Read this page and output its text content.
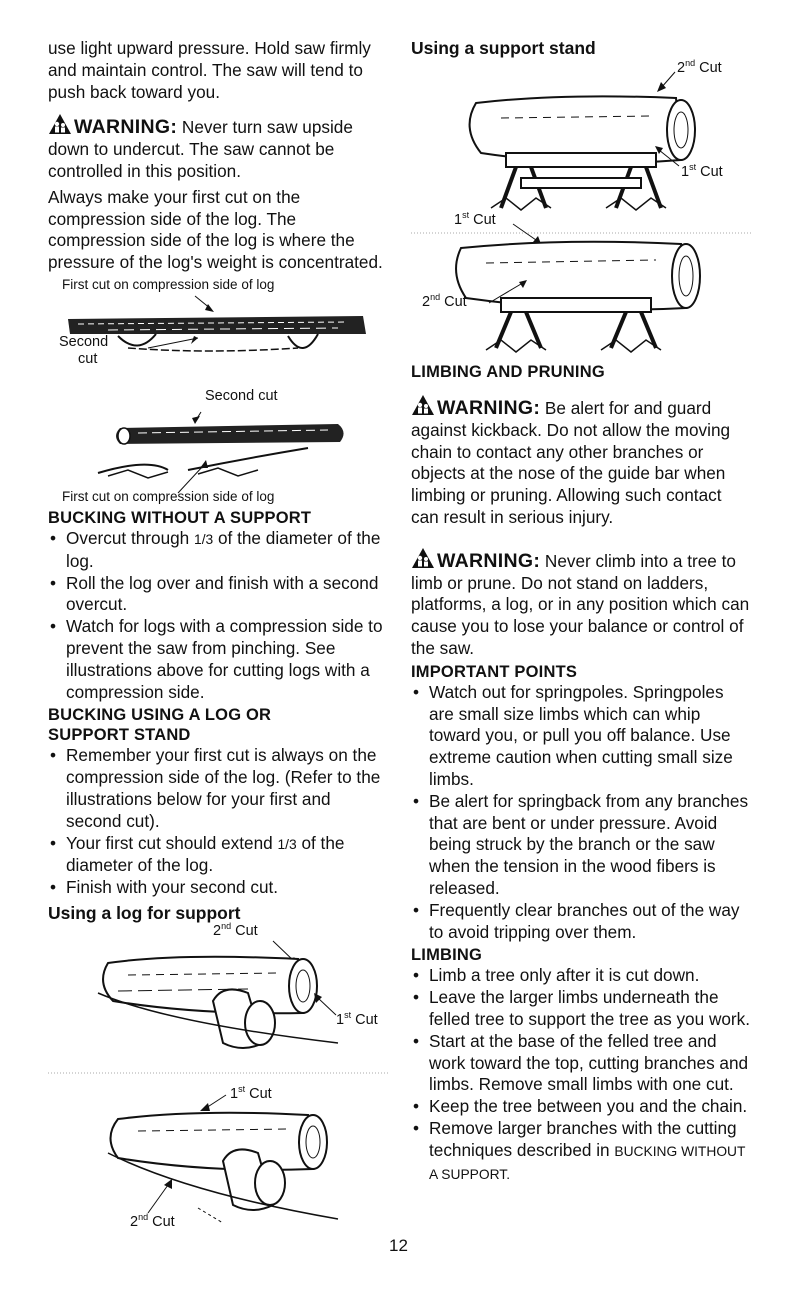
use light upward pressure. Hold saw firmly and maintain control. The saw will tend to push back toward you.

WARNING: Never turn saw upside down to undercut. The saw cannot be controlled in this position.

Always make your first cut on the compression side of the log. The compression side of the log is where the pressure of the log's weight is concentrated.

First cut on compression side of log
Second
cut
Second cut
First cut on compression side of log
BUCKING WITHOUT A SUPPORT
• Overcut through 1/3 of the diameter of the log.
• Roll the log over and finish with a second overcut.
• Watch for logs with a compression side to prevent the saw from pinching. See illustrations above for cutting logs with a compression side.
BUCKING USING A LOG OR
SUPPORT STAND
• Remember your first cut is always on the compression side of the log. (Refer to the illustrations below for your first and second cut).
• Your first cut should extend 1/3 of the diameter of the log.
• Finish with your second cut.
Using a log for support
2nd Cut
1st Cut
1st Cut
2nd Cut
Using a support stand
2nd Cut
1st Cut
1st Cut
2nd Cut
LIMBING AND PRUNING

WARNING: Be alert for and guard against kickback. Do not allow the moving chain to contact any other branches or objects at the nose of the guide bar when limbing or pruning. Allowing such contact can result in serious injury.

WARNING: Never climb into a tree to limb or prune. Do not stand on ladders, platforms, a log, or in any position which can cause you to lose your balance or control of the saw.

IMPORTANT POINTS
• Watch out for springpoles. Springpoles are small size limbs which can whip toward you, or pull you off balance. Use extreme caution when cutting small size limbs.
• Be alert for springback from any branches that are bent or under pressure. Avoid being struck by the branch or the saw when the tension in the wood fibers is released.
• Frequently clear branches out of the way to avoid tripping over them.
LIMBING
• Limb a tree only after it is cut down.
• Leave the larger limbs underneath the felled tree to support the tree as you work.
• Start at the base of the felled tree and work toward the top, cutting branches and limbs. Remove small limbs with one cut.
• Keep the tree between you and the chain.
• Remove larger branches with the cutting techniques described in BUCKING WITHOUT A SUPPORT.
12
